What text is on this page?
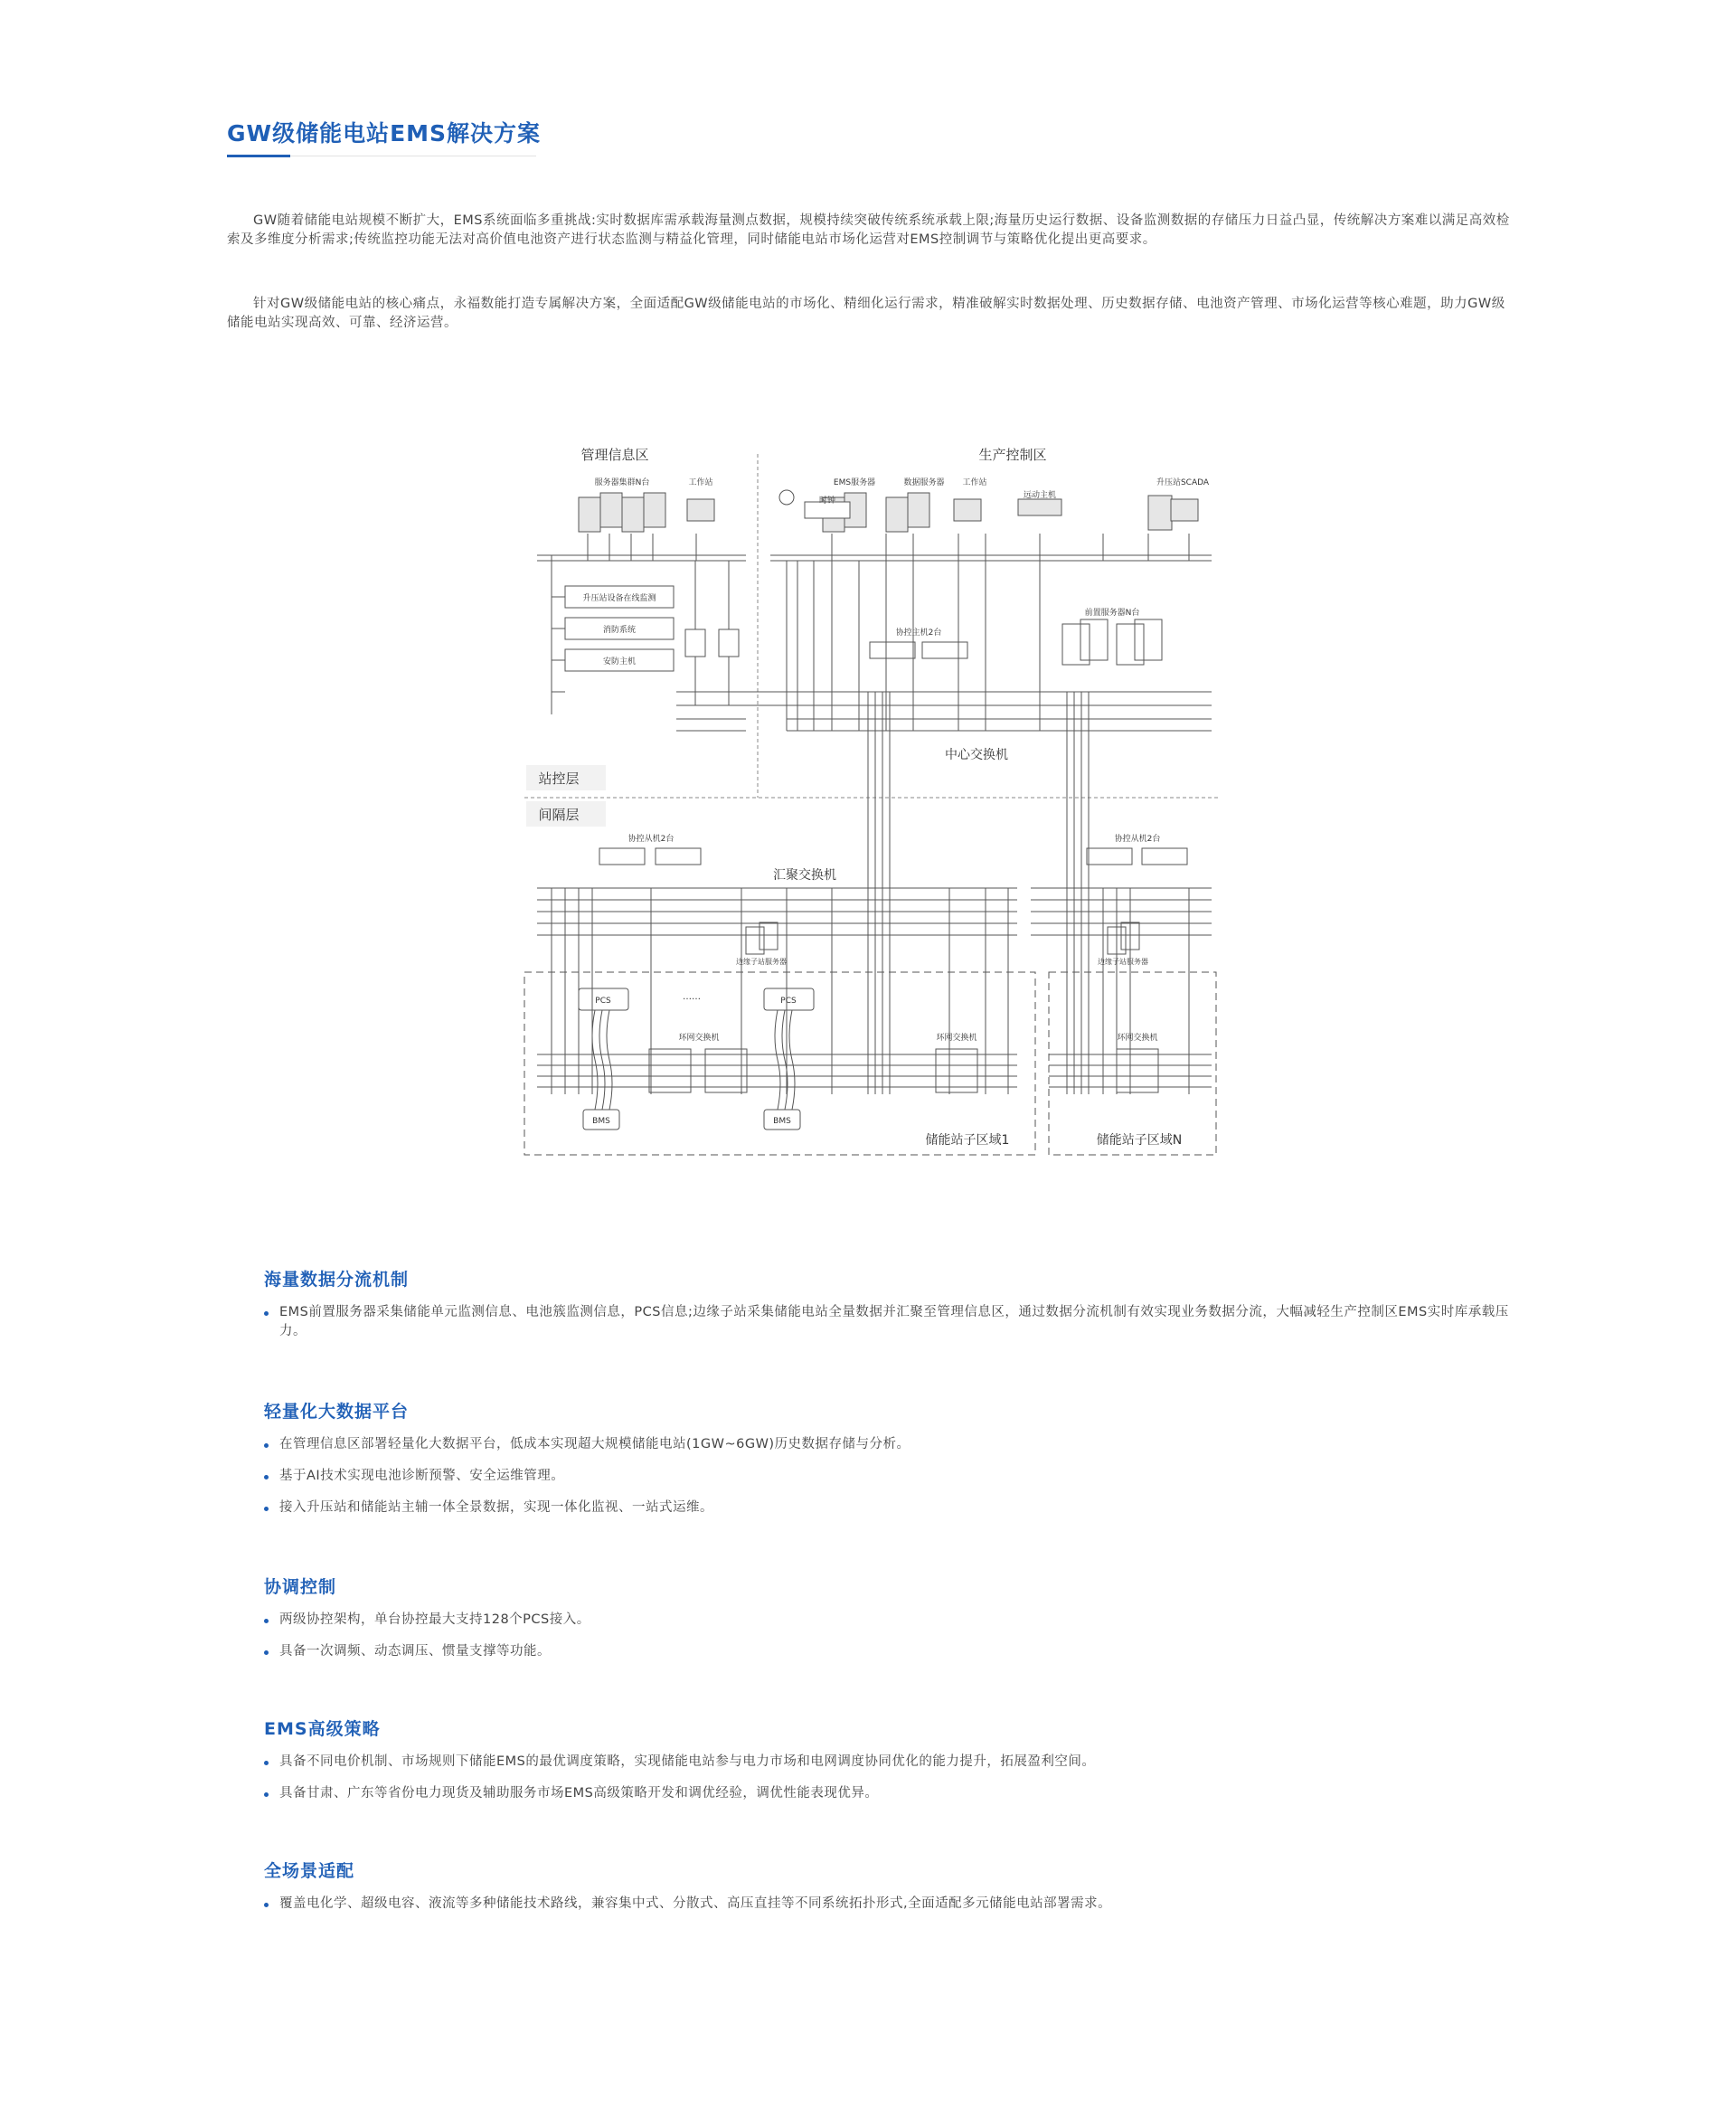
GW级储能电站EMS解决方案

GW随着储能电站规模不断扩大，EMS系统面临多重挑战:实时数据库需承载海量测点数据，规模持续突破传统系统承载上限;海量历史运行数据、设备监测数据的存储压力日益凸显，传统解决方案难以满足高效检索及多维度分析需求;传统监控功能无法对高价值电池资产进行状态监测与精益化管理，同时储能电站市场化运营对EMS控制调节与策略优化提出更高要求。

针对GW级储能电站的核心痛点，永福数能打造专属解决方案，全面适配GW级储能电站的市场化、精细化运行需求，精准破解实时数据处理、历史数据存储、电池资产管理、市场化运营等核心难题，助力GW级储能电站实现高效、可靠、经济运营。

管理信息区	生产控制区
服务器集群N台	工作站
时钟
EMS服务器	数据服务器 工作站
远动主机
升压站SCADA
升压站设备在线监测
消防系统
安防主机
协控主机2台
前置服务器N台
中心交换机
站控层
间隔层
协控从机2台	协控从机2台
汇聚交换机
边缘子站服务器	边缘子站服务器
PCS	PCS
……
环网交换机	环网交换机	环网交换机
BMS	BMS
储能站子区域1	储能站子区域N
海量数据分流机制
EMS前置服务器采集储能单元监测信息、电池簇监测信息，PCS信息;边缘子站采集储能电站全量数据并汇聚至管理信息区，通过数据分流机制有效实现业务数据分流，大幅减轻生产控制区EMS实时库承载压力。
轻量化大数据平台
在管理信息区部署轻量化大数据平台，低成本实现超大规模储能电站(1GW~6GW)历史数据存储与分析。
基于AI技术实现电池诊断预警、安全运维管理。
接入升压站和储能站主辅一体全景数据，实现一体化监视、一站式运维。
协调控制
两级协控架构，单台协控最大支持128个PCS接入。
具备一次调频、动态调压、惯量支撑等功能。
EMS高级策略
具备不同电价机制、市场规则下储能EMS的最优调度策略，实现储能电站参与电力市场和电网调度协同优化的能力提升，拓展盈利空间。
具备甘肃、广东等省份电力现货及辅助服务市场EMS高级策略开发和调优经验，调优性能表现优异。
全场景适配
覆盖电化学、超级电容、液流等多种储能技术路线，兼容集中式、分散式、高压直挂等不同系统拓扑形式,全面适配多元储能电站部署需求。
